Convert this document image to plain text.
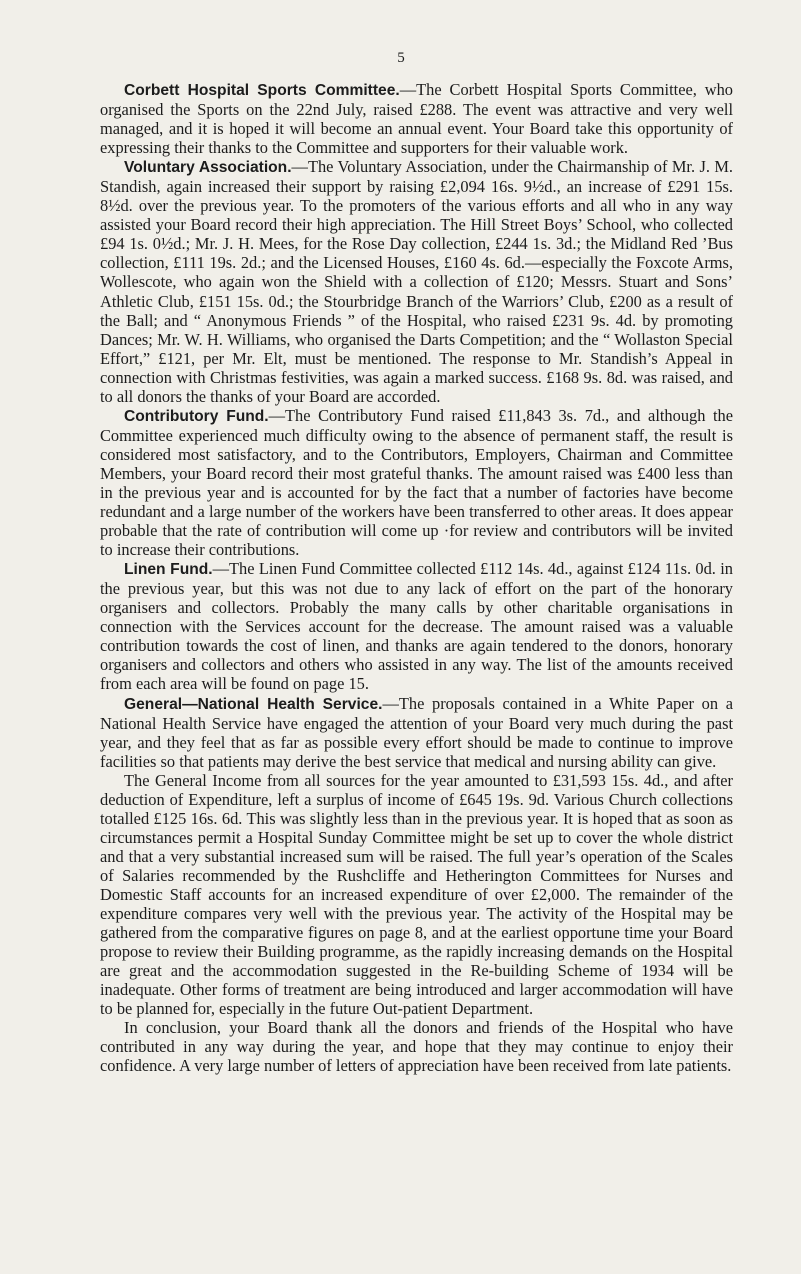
5

Corbett Hospital Sports Committee.—The Corbett Hospital Sports Committee, who organised the Sports on the 22nd July, raised £288. The event was attractive and very well managed, and it is hoped it will become an annual event. Your Board take this opportunity of expressing their thanks to the Committee and supporters for their valuable work.

Voluntary Association.—The Voluntary Association, under the Chairmanship of Mr. J. M. Standish, again increased their support by raising £2,094 16s. 9½d., an increase of £291 15s. 8½d. over the previous year. To the promoters of the various efforts and all who in any way assisted your Board record their high appreciation. The Hill Street Boys’ School, who collected £94 1s. 0½d.; Mr. J. H. Mees, for the Rose Day collection, £244 1s. 3d.; the Midland Red ’Bus collection, £111 19s. 2d.; and the Licensed Houses, £160 4s. 6d.—especially the Foxcote Arms, Wollescote, who again won the Shield with a collection of £120; Messrs. Stuart and Sons’ Athletic Club, £151 15s. 0d.; the Stourbridge Branch of the Warriors’ Club, £200 as a result of the Ball; and “ Anonymous Friends ” of the Hospital, who raised £231 9s. 4d. by promoting Dances; Mr. W. H. Williams, who organised the Darts Competition; and the “ Wollaston Special Effort,” £121, per Mr. Elt, must be mentioned. The response to Mr. Standish’s Appeal in connection with Christmas festivities, was again a marked success. £168 9s. 8d. was raised, and to all donors the thanks of your Board are accorded.

Contributory Fund.—The Contributory Fund raised £11,843 3s. 7d., and although the Committee experienced much difficulty owing to the absence of permanent staff, the result is considered most satisfactory, and to the Contributors, Employers, Chairman and Committee Members, your Board record their most grateful thanks. The amount raised was £400 less than in the previous year and is accounted for by the fact that a number of factories have become redundant and a large number of the workers have been transferred to other areas. It does appear probable that the rate of contribution will come up ·for review and contributors will be invited to increase their contributions.

Linen Fund.—The Linen Fund Committee collected £112 14s. 4d., against £124 11s. 0d. in the previous year, but this was not due to any lack of effort on the part of the honorary organisers and collectors. Probably the many calls by other charitable organisations in connection with the Services account for the decrease. The amount raised was a valuable contribution towards the cost of linen, and thanks are again tendered to the donors, honorary organisers and collectors and others who assisted in any way. The list of the amounts received from each area will be found on page 15.

General—National Health Service.—The proposals contained in a White Paper on a National Health Service have engaged the attention of your Board very much during the past year, and they feel that as far as possible every effort should be made to continue to improve facilities so that patients may derive the best service that medical and nursing ability can give.

The General Income from all sources for the year amounted to £31,593 15s. 4d., and after deduction of Expenditure, left a surplus of income of £645 19s. 9d. Various Church collections totalled £125 16s. 6d. This was slightly less than in the previous year. It is hoped that as soon as circumstances permit a Hospital Sunday Committee might be set up to cover the whole district and that a very substantial increased sum will be raised. The full year’s operation of the Scales of Salaries recommended by the Rushcliffe and Hetherington Committees for Nurses and Domestic Staff accounts for an increased expenditure of over £2,000. The remainder of the expenditure compares very well with the previous year. The activity of the Hospital may be gathered from the comparative figures on page 8, and at the earliest opportune time your Board propose to review their Building programme, as the rapidly increasing demands on the Hospital are great and the accommodation suggested in the Re-building Scheme of 1934 will be inadequate. Other forms of treatment are being introduced and larger accommodation will have to be planned for, especially in the future Out-patient Department.

In conclusion, your Board thank all the donors and friends of the Hospital who have contributed in any way during the year, and hope that they may continue to enjoy their confidence. A very large number of letters of appreciation have been received from late patients.
